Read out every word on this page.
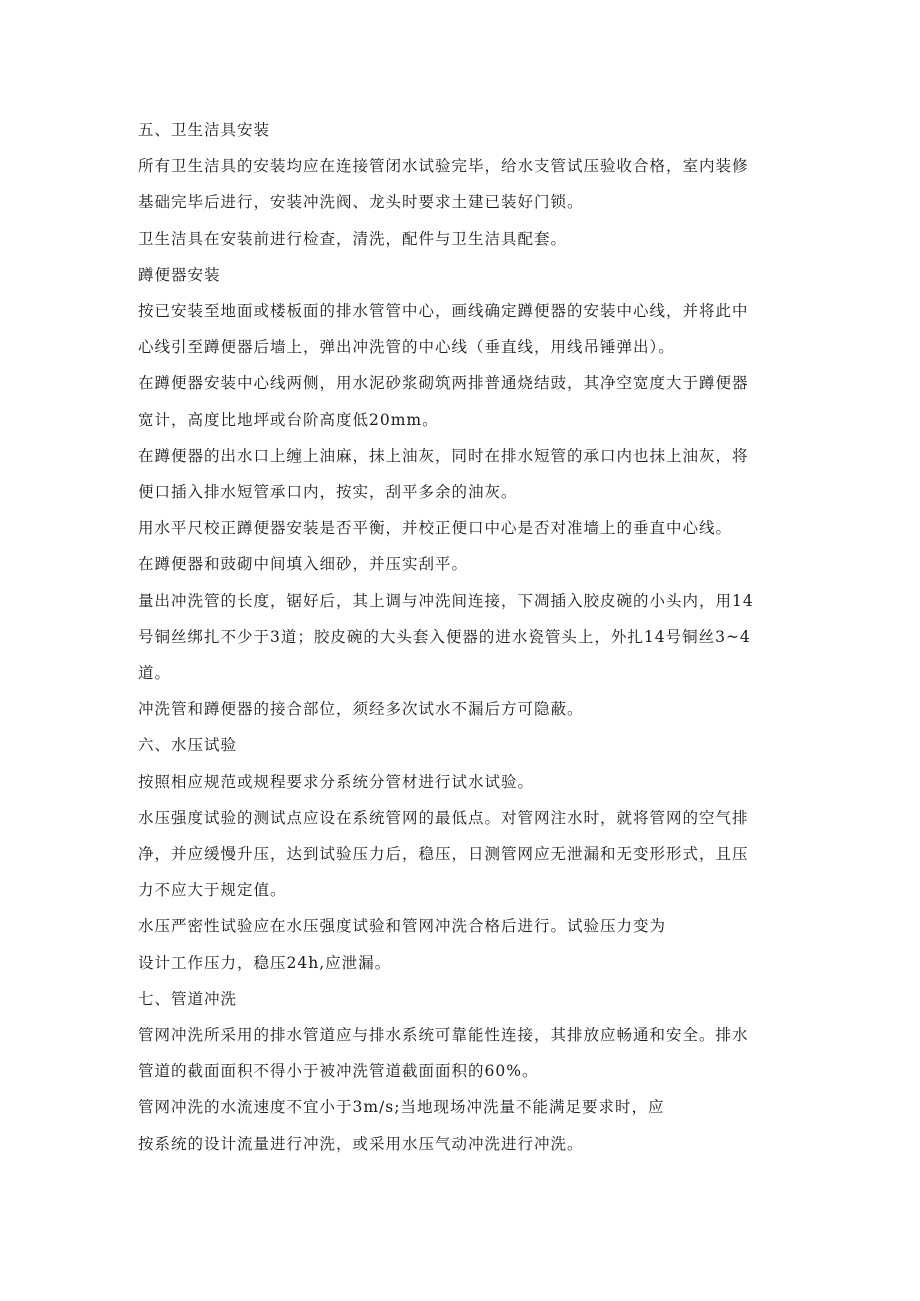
五、卫生洁具安装

所有卫生洁具的安装均应在连接管闭水试验完毕，给水支管试压验收合格，室内装修

基础完毕后进行，安装冲洗阀、龙头时要求土建已装好门锁。

卫生洁具在安装前进行检查，清洗，配件与卫生洁具配套。

蹲便器安装

按已安装至地面或楼板面的排水管管中心，画线确定蹲便器的安装中心线，并将此中

心线引至蹲便器后墙上，弹出冲洗管的中心线（垂直线，用线吊锤弹出）。

在蹲便器安装中心线两侧，用水泥砂浆砌筑两排普通烧结豉，其净空宽度大于蹲便器

宽计，高度比地坪或台阶高度低20mm。

在蹲便器的出水口上缠上油麻，抹上油灰，同时在排水短管的承口内也抹上油灰，将

便口插入排水短管承口内，按实，刮平多余的油灰。

用水平尺校正蹲便器安装是否平衡，并校正便口中心是否对准墙上的垂直中心线。

在蹲便器和豉砌中间填入细砂，并压实刮平。

量出冲洗管的长度，锯好后，其上调与冲洗间连接，下凋插入胶皮碗的小头内，用14

号铜丝绑扎不少于3道；胶皮碗的大头套入便器的进水瓷管头上，外扎14号铜丝3~4

道。

冲洗管和蹲便器的接合部位，须经多次试水不漏后方可隐蔽。

六、水压试验

按照相应规范或规程要求分系统分管材进行试水试验。

水压强度试验的测试点应设在系统管网的最低点。对管网注水时，就将管网的空气排

净，并应缓慢升压，达到试验压力后，稳压，日测管网应无泄漏和无变形形式，且压

力不应大于规定值。

水压严密性试验应在水压强度试验和管网冲洗合格后进行。试验压力变为

设计工作压力，稳压24h,应泄漏。

七、管道冲洗

管网冲洗所采用的排水管道应与排水系统可靠能性连接，其排放应畅通和安全。排水

管道的截面面积不得小于被冲洗管道截面面积的60%。

管网冲洗的水流速度不宜小于3m∕s;当地现场冲洗量不能满足要求时，应

按系统的设计流量进行冲洗，或采用水压气动冲洗进行冲洗。
